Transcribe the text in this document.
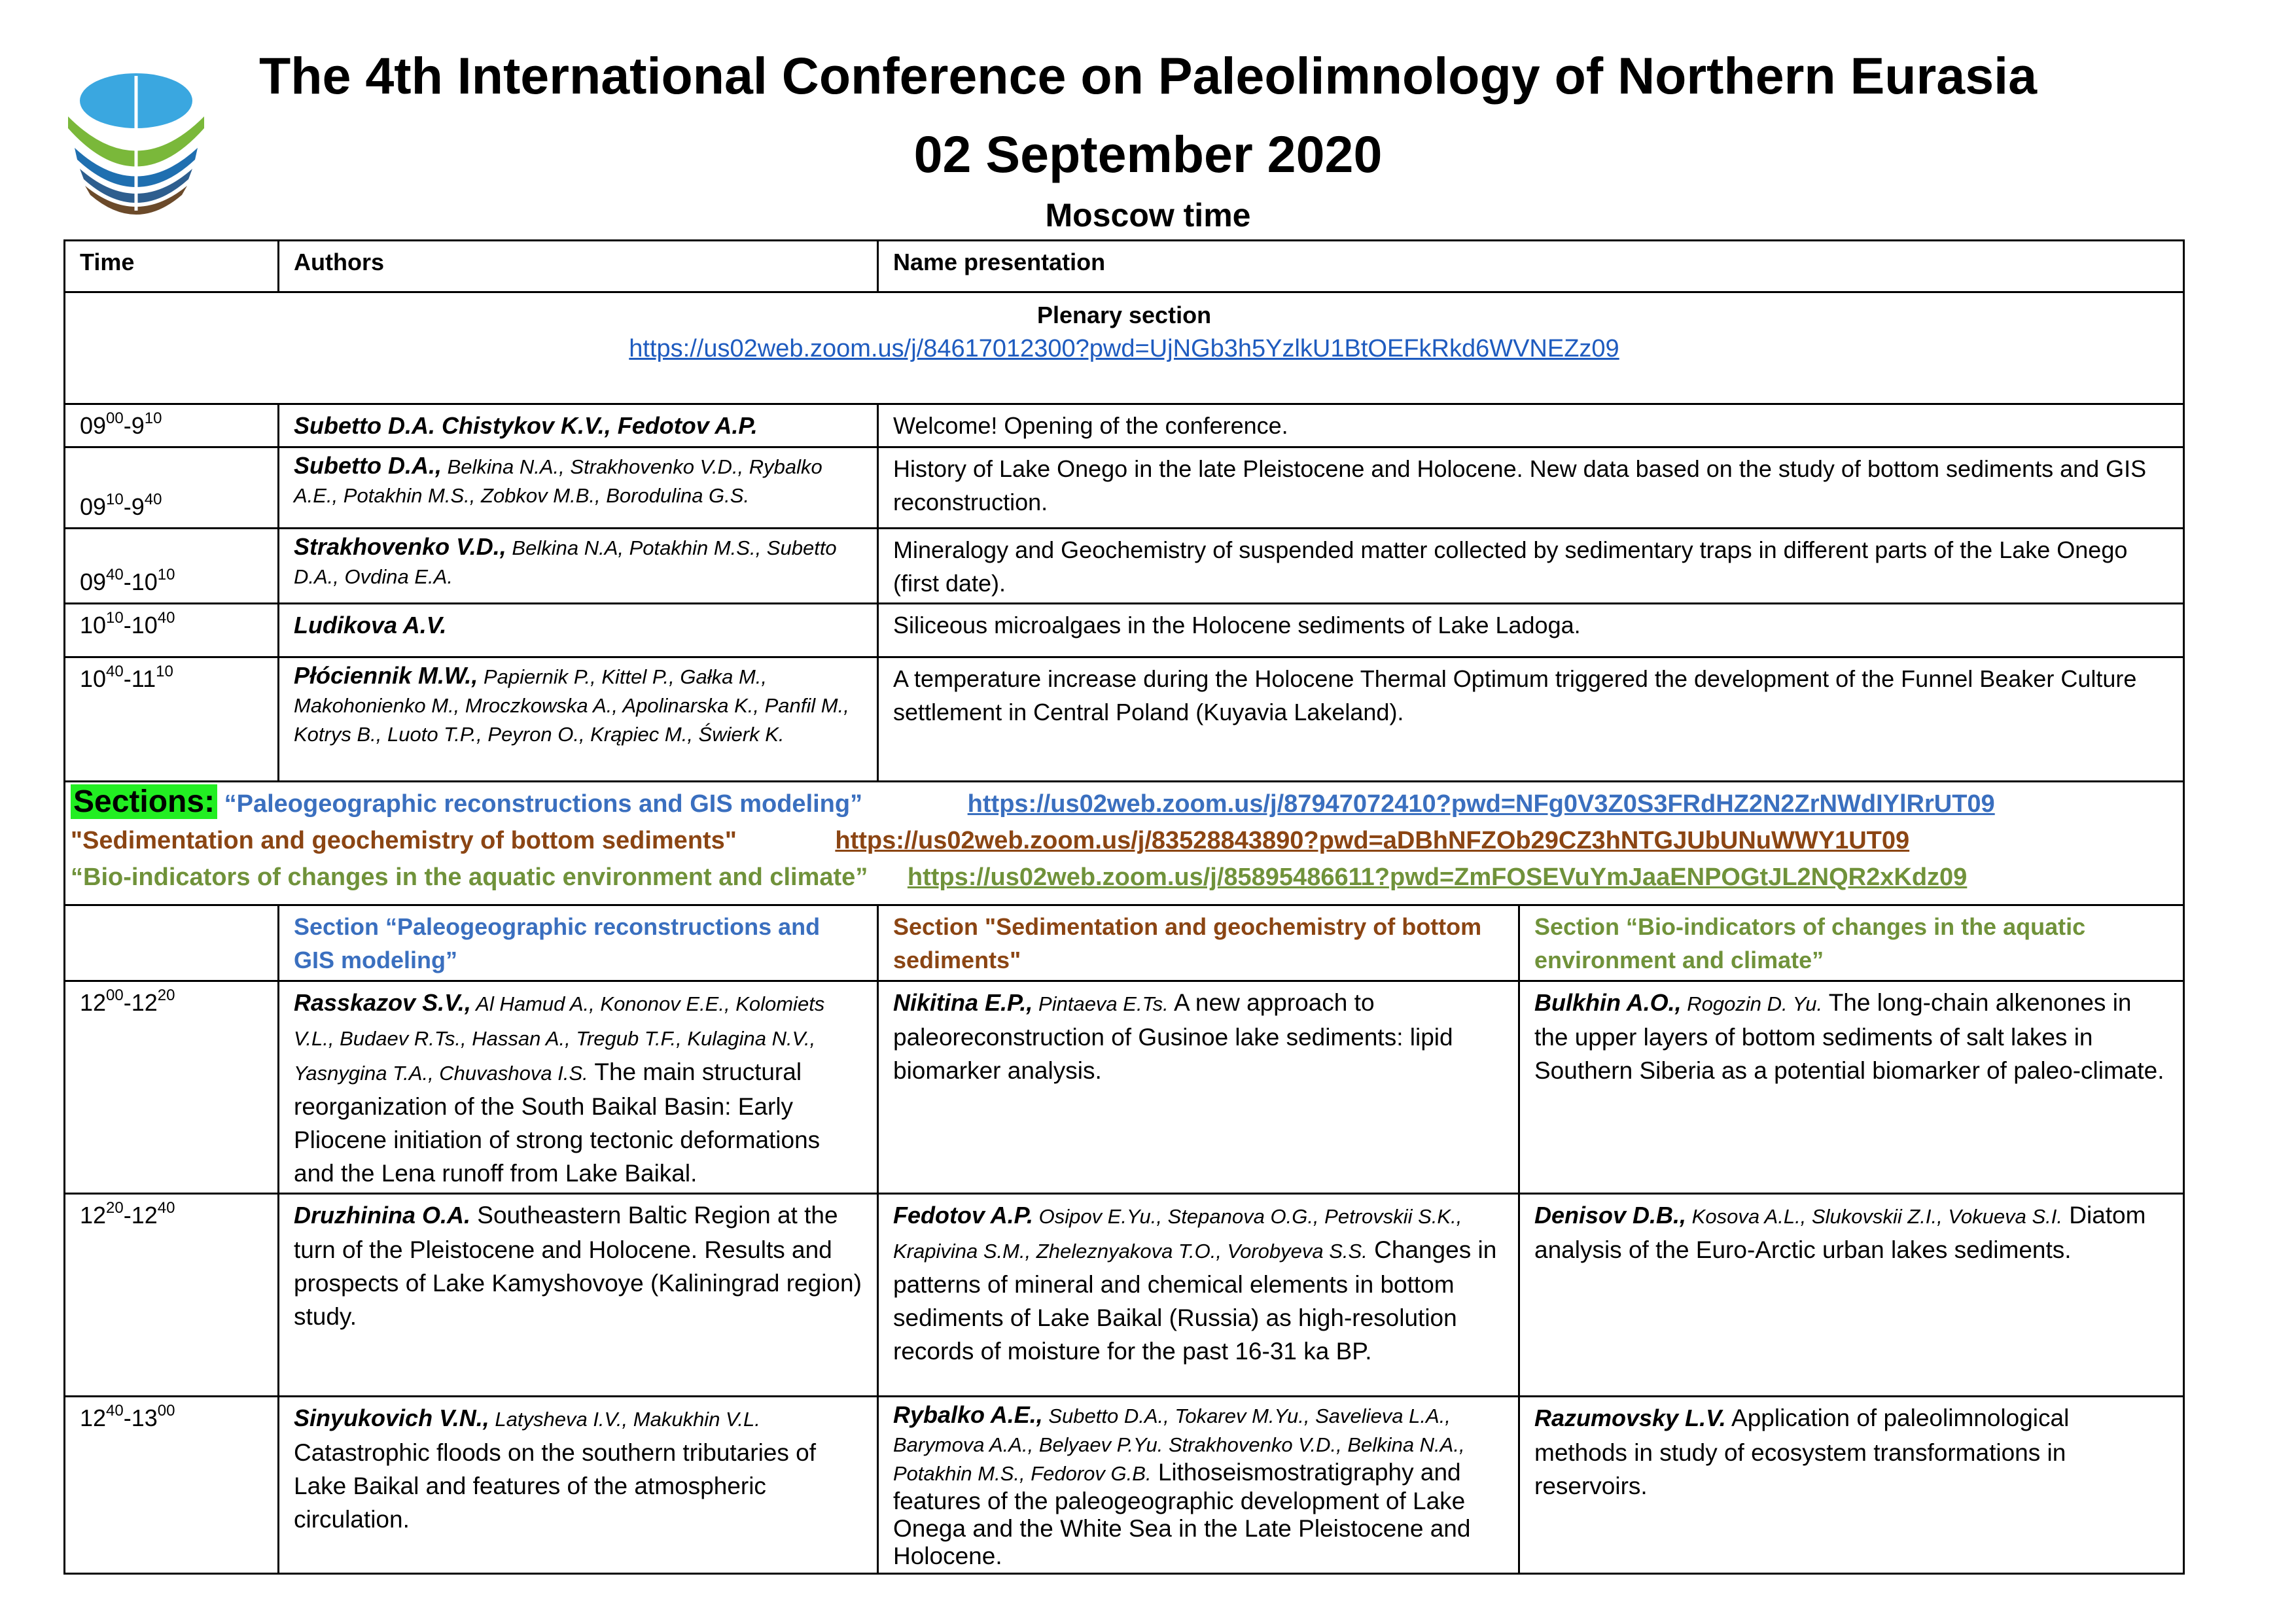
The 4th International Conference on Paleolimnology of Northern Eurasia
02 September 2020
Moscow time
Time	Authors	Name presentation	

Plenary section
https://us02web.zoom.us/j/84617012300?pwd=UjNGb3h5YzlkU1BtOEFkRkd6WVNEZz09			
$09^{00}-9^{10}$	Subetto D.A. Chistykov K.V., Fedotov A.P.	Welcome! Opening of the conference.	
$09^{10}-9^{40}$	Subetto D.A., Belkina N.A., Strakhovenko V.D., Rybalko A.E., Potakhin M.S., Zobkov M.B., Borodulina G.S.	History of Lake Onego in the late Pleistocene and Holocene. New data based on the study of bottom sediments and GIS reconstruction.	
$09^{40}-10^{10}$	Strakhovenko V.D., Belkina N.A, Potakhin M.S., Subetto D.A., Ovdina E.A.	Mineralogy and Geochemistry of suspended matter collected by sedimentary traps in different parts of the Lake Onego (first date).	
$10^{10}-10^{40}$	Ludikova A.V.	Siliceous microalgaes in the Holocene sediments of Lake Ladoga.	
$10^{40}-11^{10}$	Płóciennik M.W., Papiernik P., Kittel P., Gałka M., Makohonienko M., Mroczkowska A., Apolinarska K., Panfil M., Kotrys B., Luoto T.P., Peyron O., Krąpiec M., Świerk K.	A temperature increase during the Holocene Thermal Optimum triggered the development of the Funnel Beaker Culture settlement in Central Poland (Kuyavia Lakeland).	

Sections: “Paleogeographic reconstructions and GIS modeling” https://us02web.zoom.us/j/87947072410?pwd=NFg0V3Z0S3FRdHZ2N2ZrNWdIYlRrUT09
"Sedimentation and geochemistry of bottom sediments" https://us02web.zoom.us/j/83528843890?pwd=aDBhNFZOb29CZ3hNTGJUbUNuWWY1UT09
“Bio-indicators of changes in the aquatic environment and climate” https://us02web.zoom.us/j/85895486611?pwd=ZmFOSEVuYmJaaENPOGtJL2NQR2xKdz09			

	Section “Paleogeographic reconstructions and GIS modeling”	Section "Sedimentation and geochemistry of bottom sediments"	Section “Bio-indicators of changes in the aquatic environment and climate”
$12^{00}-12^{20}$	Rasskazov S.V., Al Hamud A., Kononov E.E., Kolomiets V.L., Budaev R.Ts., Hassan A., Tregub T.F., Kulagina N.V., Yasnygina T.A., Chuvashova I.S. The main structural reorganization of the South Baikal Basin: Early Pliocene initiation of strong tectonic deformations and the Lena runoff from Lake Baikal.	Nikitina E.P., Pintaeva E.Ts. A new approach to paleoreconstruction of Gusinoe lake sediments: lipid biomarker analysis.	Bulkhin A.O., Rogozin D. Yu. The long-chain alkenones in the upper layers of bottom sediments of salt lakes in Southern Siberia as a potential biomarker of paleo-climate.
$12^{20}-12^{40}$	Druzhinina O.A. Southeastern Baltic Region at the turn of the Pleistocene and Holocene. Results and prospects of Lake Kamyshovoye (Kaliningrad region) study.	Fedotov A.P. Osipov E.Yu., Stepanova O.G., Petrovskii S.K., Krapivina S.M., Zheleznyakova T.O., Vorobyeva S.S. Changes in patterns of mineral and chemical elements in bottom sediments of Lake Baikal (Russia) as high-resolution records of moisture for the past 16-31 ka BP.	Denisov D.B., Kosova A.L., Slukovskii Z.I., Vokueva S.I. Diatom analysis of the Euro-Arctic urban lakes sediments.
$12^{40}-13^{00}$	Sinyukovich V.N., Latysheva I.V., Makukhin V.L. Catastrophic floods on the southern tributaries of Lake Baikal and features of the atmospheric circulation.	Rybalko A.E., Subetto D.A., Tokarev M.Yu., Savelieva L.A., Barymova A.A., Belyaev P.Yu. Strakhovenko V.D., Belkina N.A., Potakhin M.S., Fedorov G.B. Lithoseismostratigraphy and features of the paleogeographic development of Lake Onega and the White Sea in the Late Pleistocene and Holocene.	Razumovsky L.V. Application of paleolimnological methods in study of ecosystem transformations in reservoirs.
